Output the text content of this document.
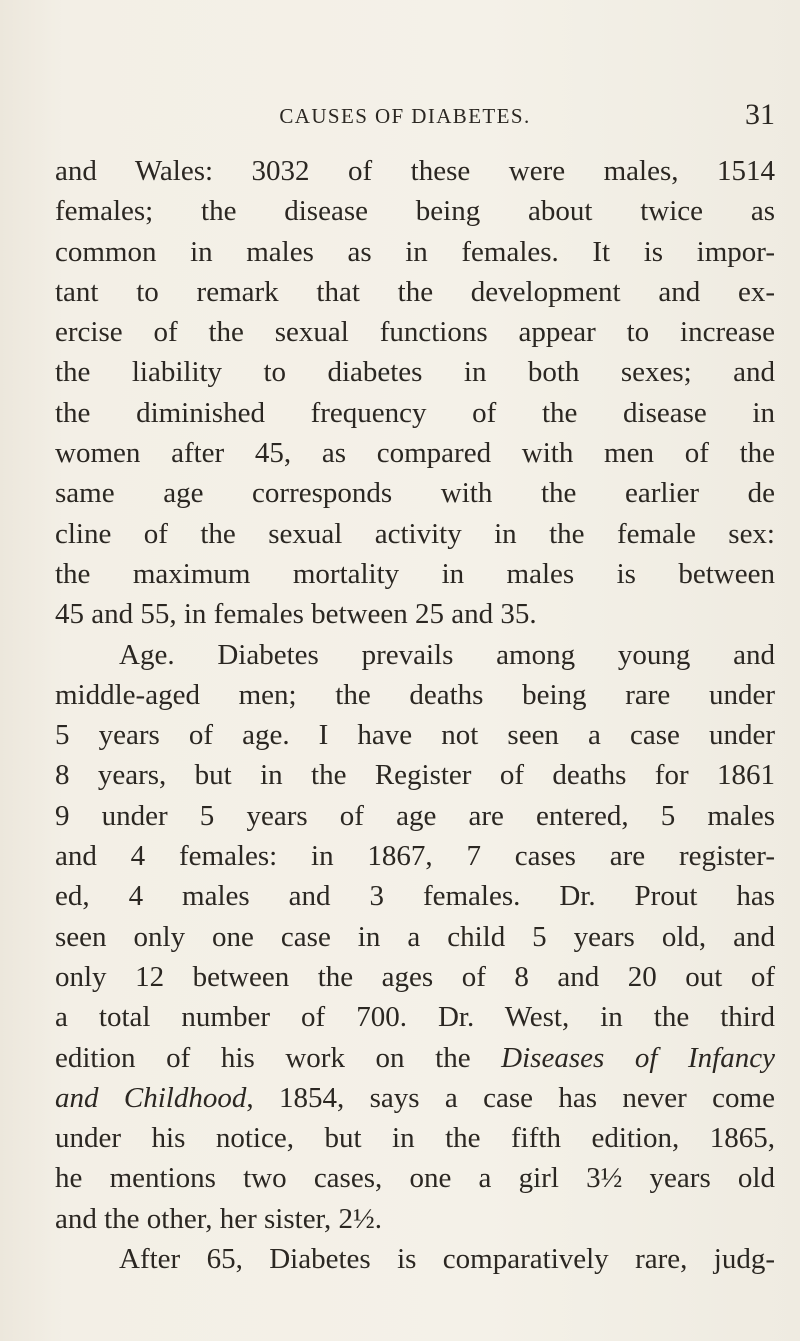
CAUSES OF DIABETES.	31
and Wales: 3032 of these were males, 1514
females; the disease being about twice as
common in males as in females. It is impor-
tant to remark that the development and ex-
ercise of the sexual functions appear to increase
the liability to diabetes in both sexes; and
the diminished frequency of the disease in
women after 45, as compared with men of the
same age corresponds with the earlier de
cline of the sexual activity in the female sex:
the maximum mortality in males is between
45 and 55, in females between 25 and 35.
Age. Diabetes prevails among young and
middle-aged men; the deaths being rare under
5 years of age. I have not seen a case under
8 years, but in the Register of deaths for 1861
9 under 5 years of age are entered, 5 males
and 4 females: in 1867, 7 cases are register-
ed, 4 males and 3 females. Dr. Prout has
seen only one case in a child 5 years old, and
only 12 between the ages of 8 and 20 out of
a total number of 700. Dr. West, in the third
edition of his work on the Diseases of Infancy
and Childhood, 1854, says a case has never come
under his notice, but in the fifth edition, 1865,
he mentions two cases, one a girl 3½ years old
and the other, her sister, 2½.
After 65, Diabetes is comparatively rare, judg-
